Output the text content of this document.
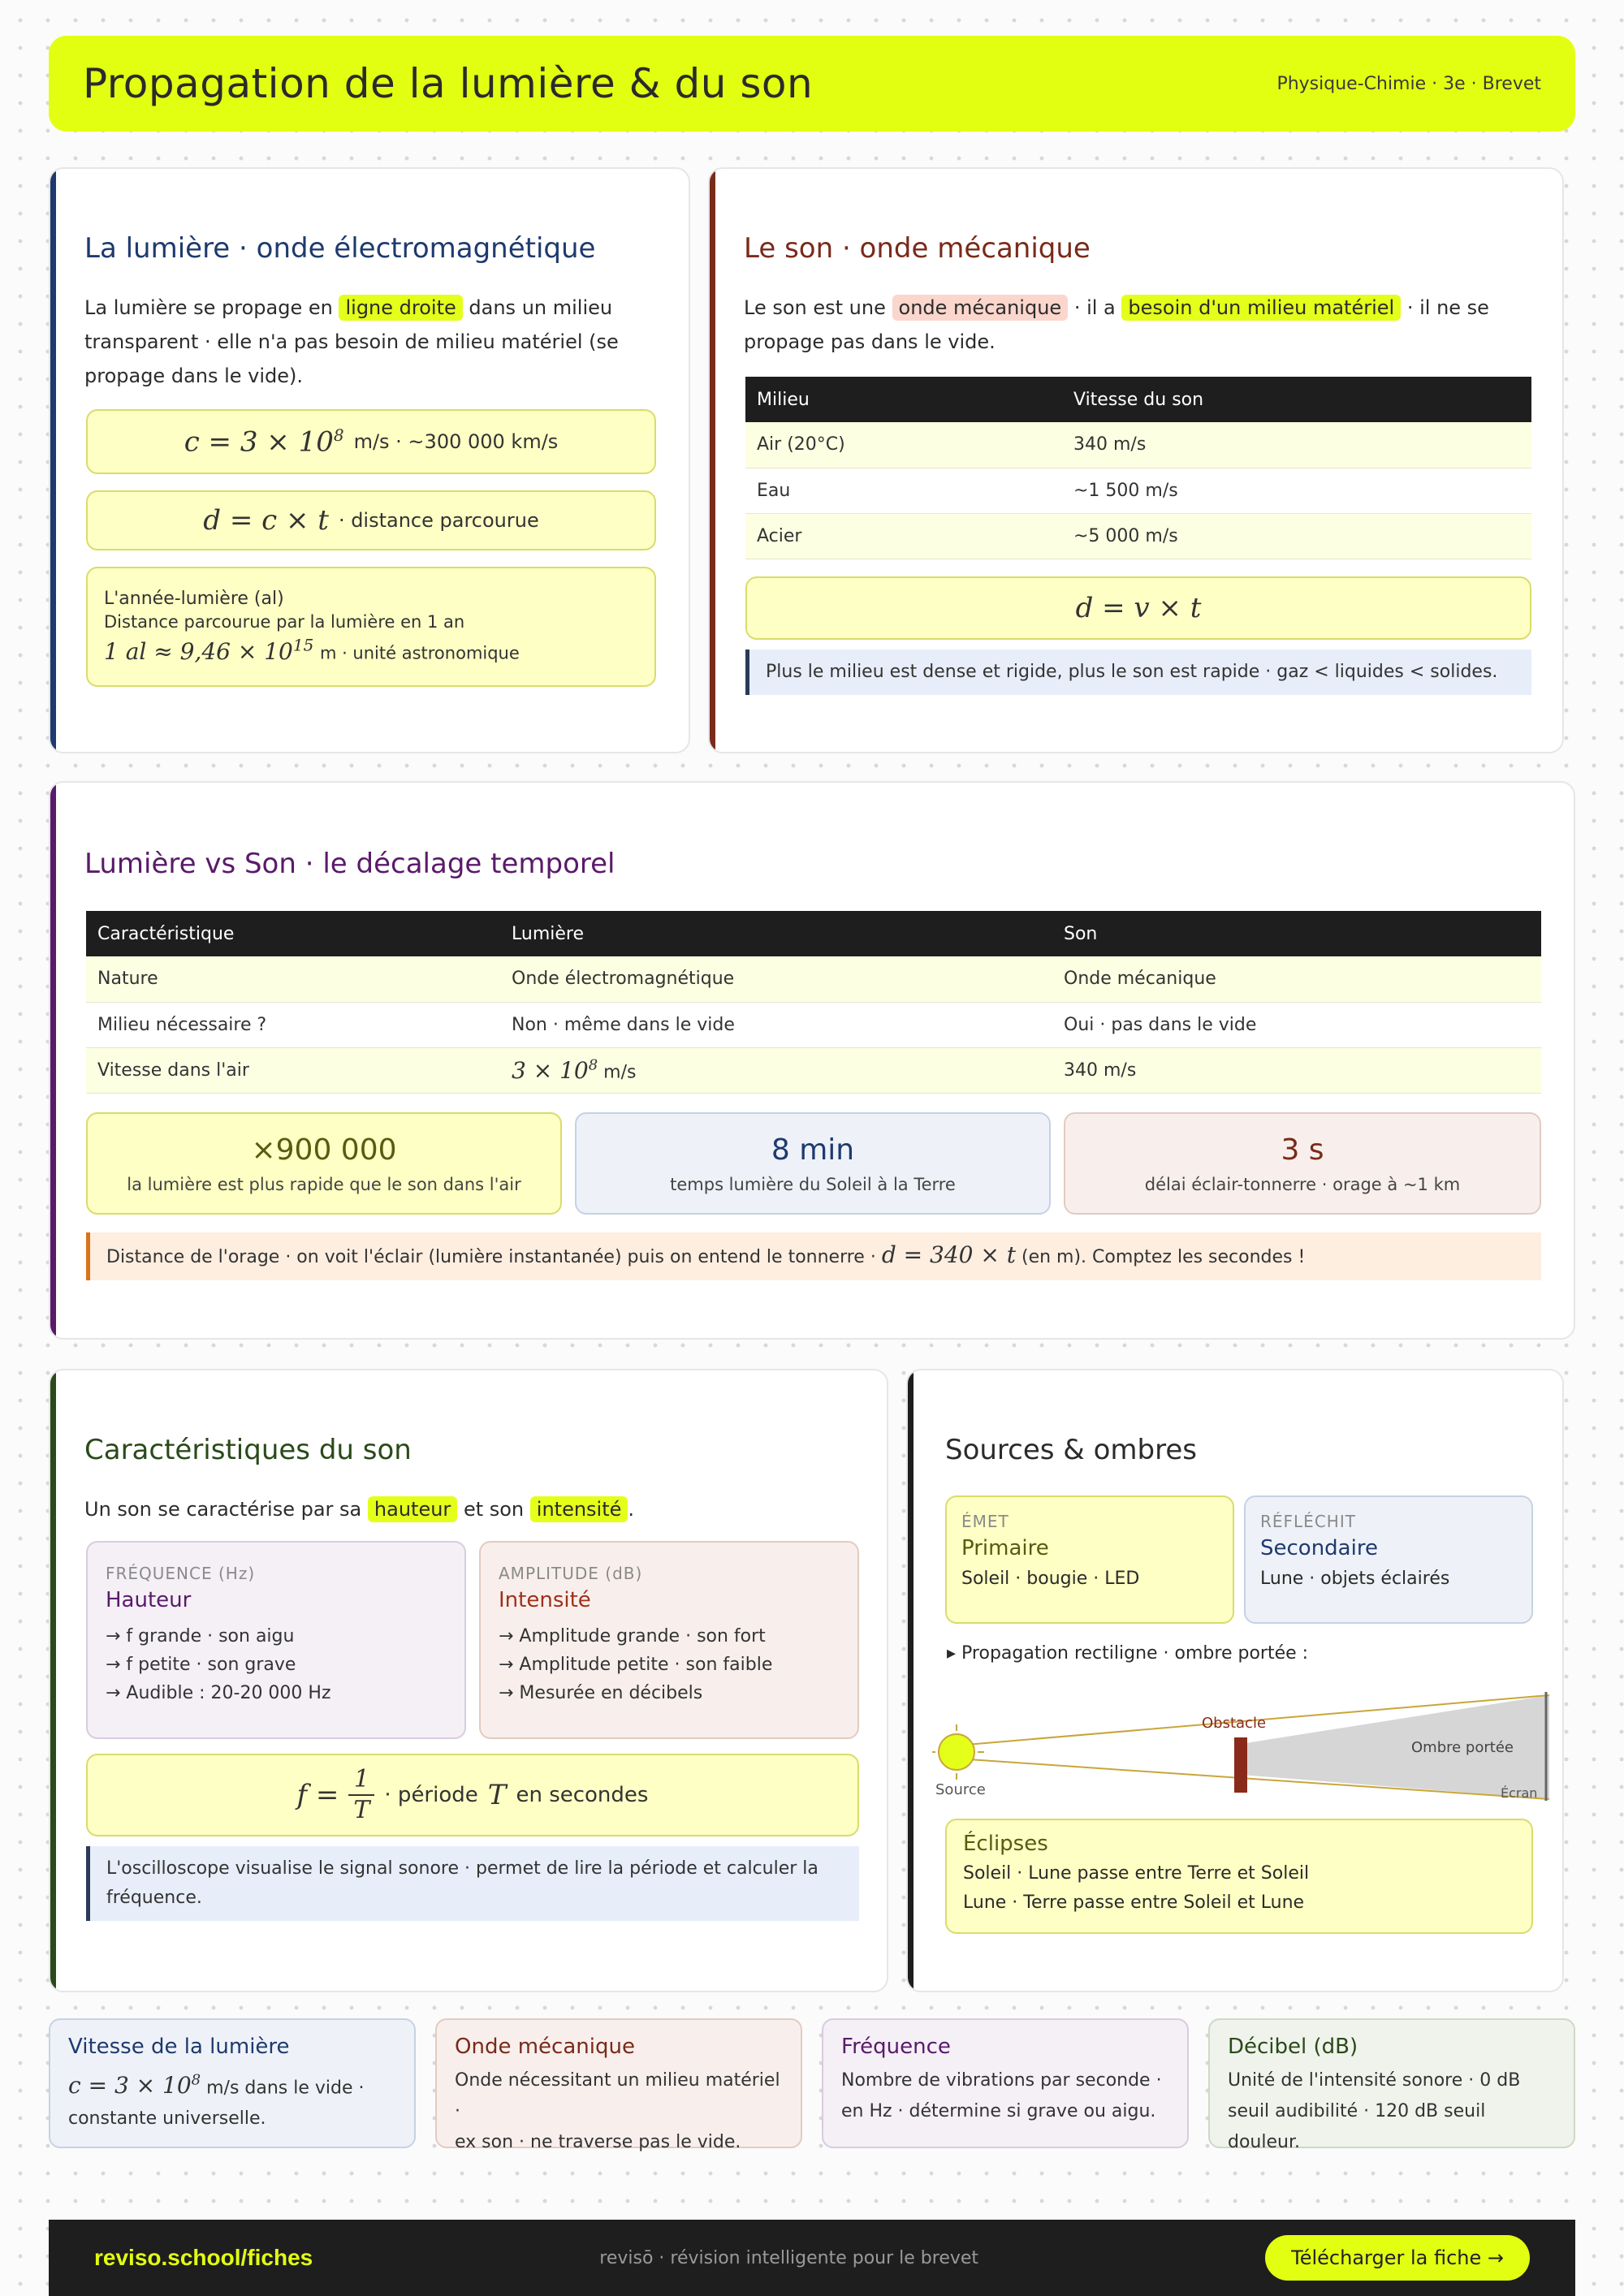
Propagation de la lumière & du son	Physique-Chimie · 3e · Brevet
La lumière · onde électromagnétique
La lumière se propage en ligne droite dans un milieu
transparent · elle n'a pas besoin de milieu matériel (se
propage dans le vide).
$c = 3 \times 10^8$ m/s · ~300 000 km/s
d = c × t · distance parcourue
L'année-lumière (al)
Distance parcourue par la lumière en 1 an
1 al ≈ $9,46 \times 10^{15}$ m · unité astronomique
Le son · onde mécanique
Le son est une onde mécanique · il a besoin d'un milieu matériel · il ne se
propage pas dans le vide.
Milieu	Vitesse du son
Air (20°C)	340 m/s
Eau	~1 500 m/s
Acier	~5 000 m/s
d = v × t
Plus le milieu est dense et rigide, plus le son est rapide · gaz < liquides < solides.
Lumière vs Son · le décalage temporel
Caractéristique	Lumière	Son
Nature	Onde électromagnétique	Onde mécanique
Milieu nécessaire ?	Non · même dans le vide	Oui · pas dans le vide
Vitesse dans l'air	$3 \times 10^8$ m/s	340 m/s
×900 000
la lumière est plus rapide que le son dans l'air
8 min
temps lumière du Soleil à la Terre
3 s
délai éclair-tonnerre · orage à ~1 km
Distance de l'orage · on voit l'éclair (lumière instantanée) puis on entend le tonnerre · d = 340 × t (en m). Comptez les secondes !
Caractéristiques du son
Un son se caractérise par sa hauteur et son intensité .
FRÉQUENCE (Hz)
Hauteur
→ f grande · son aigu
→ f petite · son grave
→ Audible : 20-20 000 Hz
AMPLITUDE (dB)
Intensité
→ Amplitude grande · son fort
→ Amplitude petite · son faible
→ Mesurée en décibels
f = 1
T
· période T en secondes
L'oscilloscope visualise le signal sonore · permet de lire la période et calculer la fréquence.
Sources & ombres
ÉMET
Primaire
Soleil · bougie · LED
RÉFLÉCHIT
Secondaire
Lune · objets éclairés
▸ Propagation rectiligne · ombre portée :
Source
Obstacle
Ombre portée
Écran
Éclipses
Soleil · Lune passe entre Terre et Soleil
Lune · Terre passe entre Soleil et Lune
Vitesse de la lumière
$c = 3 \times 10^8$ m/s dans le vide ·
constante universelle.
Onde mécanique
Onde nécessitant un milieu matériel ·
ex son · ne traverse pas le vide.
Fréquence
Nombre de vibrations par seconde ·
en Hz · détermine si grave ou aigu.
Décibel (dB)
Unité de l'intensité sonore · 0 dB
seuil audibilité · 120 dB seuil douleur.
reviso.school/fiches	revisō · révision intelligente pour le brevet	Télécharger la fiche →
